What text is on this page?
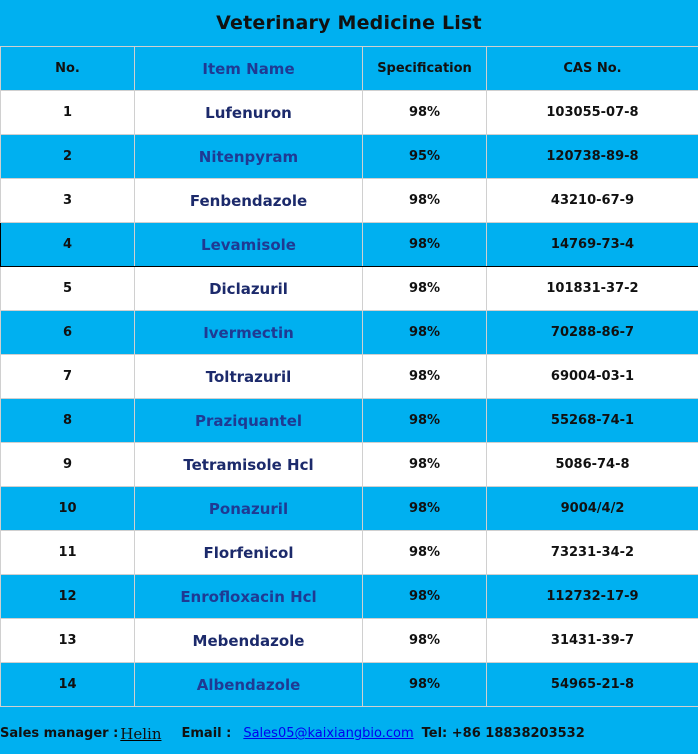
Veterinary Medicine List
No.	Item Name	Specification	CAS No.
1	Lufenuron	98%	103055-07-8
2	Nitenpyram	95%	120738-89-8
3	Fenbendazole	98%	43210-67-9
4	Levamisole	98%	14769-73-4
5	Diclazuril	98%	101831-37-2
6	Ivermectin	98%	70288-86-7
7	Toltrazuril	98%	69004-03-1
8	Praziquantel	98%	55268-74-1
9	Tetramisole Hcl	98%	5086-74-8
10	Ponazuril	98%	9004/4/2
11	Florfenicol	98%	73231-34-2
12	Enrofloxacin Hcl	98%	112732-17-9
13	Mebendazole	98%	31431-39-7
14	Albendazole	98%	54965-21-8
Sales manager : Helin Email : Sales05@kaixiangbio.com Tel: +86 18838203532
